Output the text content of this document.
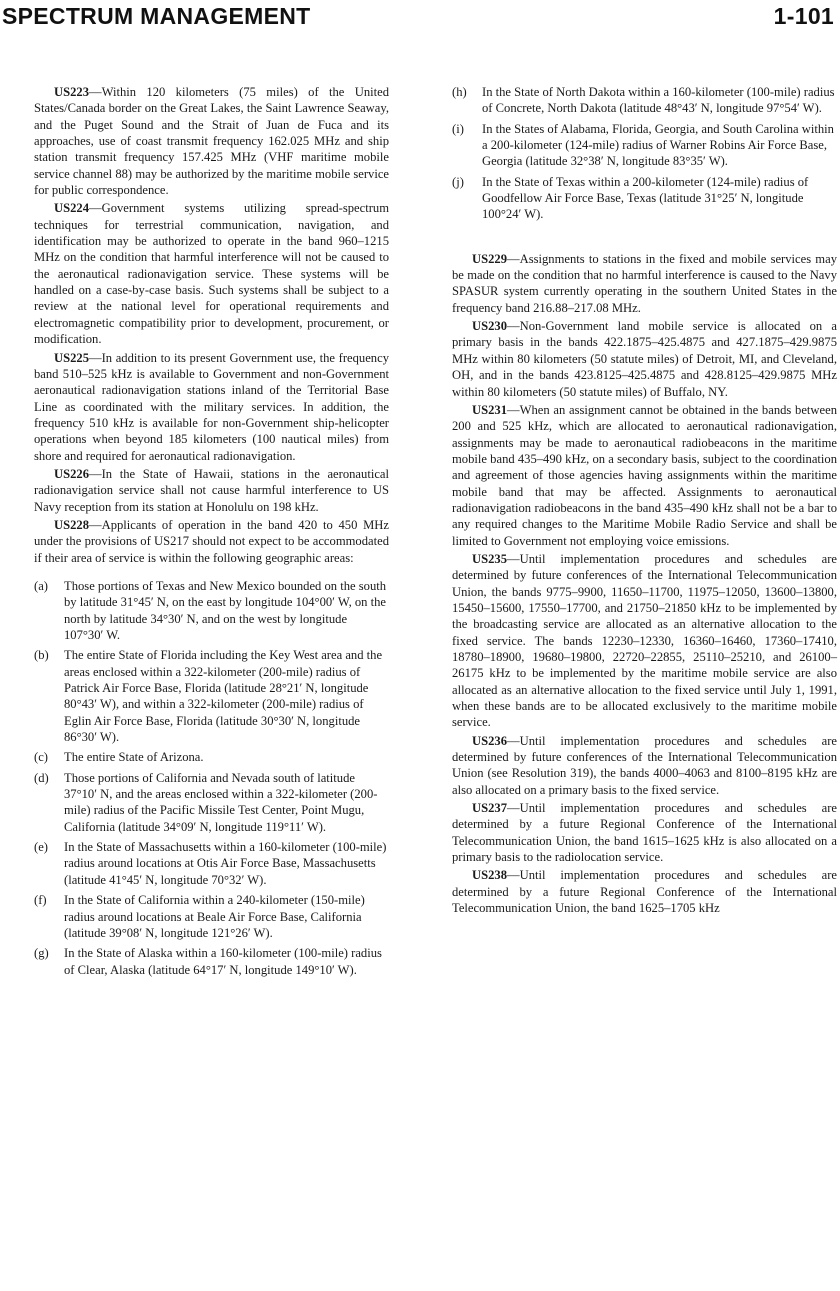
SPECTRUM MANAGEMENT	1-101

US223—Within 120 kilometers (75 miles) of the United States/Canada border on the Great Lakes, the Saint Lawrence Seaway, and the Puget Sound and the Strait of Juan de Fuca and its approaches, use of coast transmit frequency 162.025 MHz and ship station transmit frequency 157.425 MHz (VHF maritime mobile service channel 88) may be authorized by the maritime mobile service for public correspondence.

US224—Government systems utilizing spread-spectrum techniques for terrestrial communication, navigation, and identification may be authorized to operate in the band 960–1215 MHz on the condition that harmful interference will not be caused to the aeronautical radionavigation service. These systems will be handled on a case-by-case basis. Such systems shall be subject to a review at the national level for operational requirements and electromagnetic compatibility prior to development, procurement, or modification.

US225—In addition to its present Government use, the frequency band 510–525 kHz is available to Government and non-Government aeronautical radionavigation stations inland of the Territorial Base Line as coordinated with the military services. In addition, the frequency 510 kHz is available for non-Government ship-helicopter operations when beyond 185 kilometers (100 nautical miles) from shore and required for aeronautical radionavigation.

US226—In the State of Hawaii, stations in the aeronautical radionavigation service shall not cause harmful interference to US Navy reception from its station at Honolulu on 198 kHz.

US228—Applicants of operation in the band 420 to 450 MHz under the provisions of US217 should not expect to be accommodated if their area of service is within the following geographic areas:

(a) Those portions of Texas and New Mexico bounded on the south by latitude 31°45′ N, on the east by longitude 104°00′ W, on the north by latitude 34°30′ N, and on the west by longitude 107°30′ W.
(b) The entire State of Florida including the Key West area and the areas enclosed within a 322-kilometer (200-mile) radius of Patrick Air Force Base, Florida (latitude 28°21′ N, longitude 80°43′ W), and within a 322-kilometer (200-mile) radius of Eglin Air Force Base, Florida (latitude 30°30′ N, longitude 86°30′ W).
(c) The entire State of Arizona.
(d) Those portions of California and Nevada south of latitude 37°10′ N, and the areas enclosed within a 322-kilometer (200-mile) radius of the Pacific Missile Test Center, Point Mugu, California (latitude 34°09′ N, longitude 119°11′ W).
(e) In the State of Massachusetts within a 160-kilometer (100-mile) radius around locations at Otis Air Force Base, Massachusetts (latitude 41°45′ N, longitude 70°32′ W).
(f) In the State of California within a 240-kilometer (150-mile) radius around locations at Beale Air Force Base, California (latitude 39°08′ N, longitude 121°26′ W).
(g) In the State of Alaska within a 160-kilometer (100-mile) radius of Clear, Alaska (latitude 64°17′ N, longitude 149°10′ W).
(h) In the State of North Dakota within a 160-kilometer (100-mile) radius of Concrete, North Dakota (latitude 48°43′ N, longitude 97°54′ W).
(i) In the States of Alabama, Florida, Georgia, and South Carolina within a 200-kilometer (124-mile) radius of Warner Robins Air Force Base, Georgia (latitude 32°38′ N, longitude 83°35′ W).
(j) In the State of Texas within a 200-kilometer (124-mile) radius of Goodfellow Air Force Base, Texas (latitude 31°25′ N, longitude 100°24′ W).

US229—Assignments to stations in the fixed and mobile services may be made on the condition that no harmful interference is caused to the Navy SPASUR system currently operating in the southern United States in the frequency band 216.88–217.08 MHz.

US230—Non-Government land mobile service is allocated on a primary basis in the bands 422.1875–425.4875 and 427.1875–429.9875 MHz within 80 kilometers (50 statute miles) of Detroit, MI, and Cleveland, OH, and in the bands 423.8125–425.4875 and 428.8125–429.9875 MHz within 80 kilometers (50 statute miles) of Buffalo, NY.

US231—When an assignment cannot be obtained in the bands between 200 and 525 kHz, which are allocated to aeronautical radionavigation, assignments may be made to aeronautical radiobeacons in the maritime mobile band 435–490 kHz, on a secondary basis, subject to the coordination and agreement of those agencies having assignments within the maritime mobile band that may be affected. Assignments to aeronautical radionavigation radiobeacons in the band 435–490 kHz shall not be a bar to any required changes to the Maritime Mobile Radio Service and shall be limited to Government not employing voice emissions.

US235—Until implementation procedures and schedules are determined by future conferences of the International Telecommunication Union, the bands 9775–9900, 11650–11700, 11975–12050, 13600–13800, 15450–15600, 17550–17700, and 21750–21850 kHz to be implemented by the broadcasting service are allocated as an alternative allocation to the fixed service. The bands 12230–12330, 16360–16460, 17360–17410, 18780–18900, 19680–19800, 22720–22855, 25110–25210, and 26100–26175 kHz to be implemented by the maritime mobile service are also allocated as an alternative allocation to the fixed service until July 1, 1991, when these bands are to be allocated exclusively to the maritime mobile service.

US236—Until implementation procedures and schedules are determined by future conferences of the International Telecommunication Union (see Resolution 319), the bands 4000–4063 and 8100–8195 kHz are also allocated on a primary basis to the fixed service.

US237—Until implementation procedures and schedules are determined by a future Regional Conference of the International Telecommunication Union, the band 1615–1625 kHz is also allocated on a primary basis to the radiolocation service.

US238—Until implementation procedures and schedules are determined by a future Regional Conference of the International Telecommunication Union, the band 1625–1705 kHz
